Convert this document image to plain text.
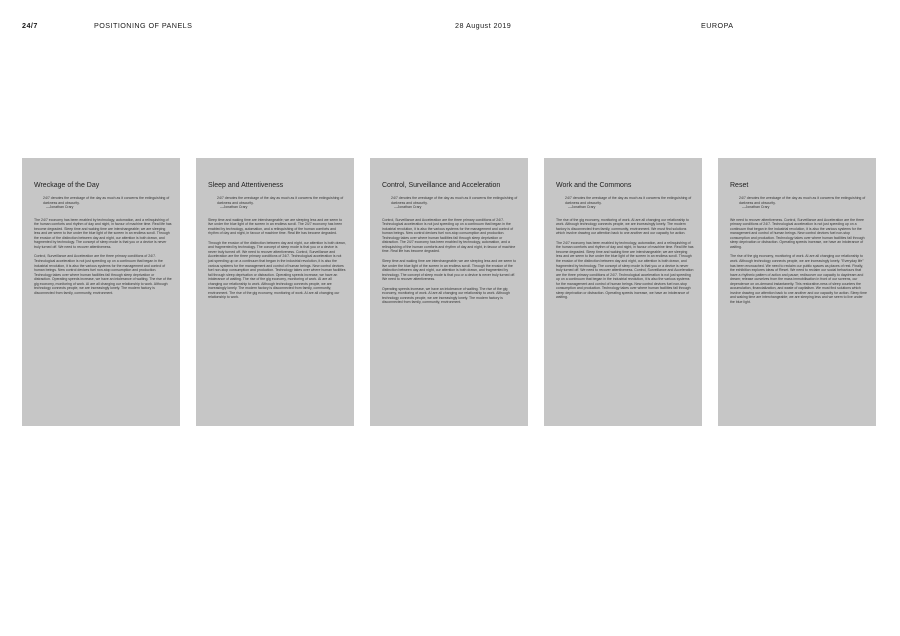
24/7	POSITIONING OF PANELS	28 August 2019	EUROPA
Wreckage of the Day
24/7 denotes the wreckage of the day as much as it concerns the extinguishing of darkness and obscurity.
—Jonathan Crary

The 24/7 economy has been enabled by technology, automation, and a relinquishing of the human comforts and rhythm of day and night, in favour of machine time. Real life has become degraded. Sleep time and waking time are interchangeable; we are sleeping less and we seem to live under the blue light of the screen in an endless scroll. Through the erosion of the distinction between day and night, our attention is both drawn, and fragmented by technology. The concept of sleep mode is that you or a device is never truly turned off. We need to recover attentiveness.

Control, Surveillance and Acceleration are the three primary conditions of 24/7. Technological acceleration is not just speeding up on a continuum that began in the industrial revolution, it is also the various systems for the management and control of human beings. New control devices fuel non-stop consumption and production. Technology takes over where human facilities fail through sleep deprivation or distraction. Operating speeds increase, we have an intolerance of waiting. The rise of the gig economy, monitoring of work. AI are all changing our relationship to work. Although technology connects people, we are increasingly lonely. The modern factory is disconnected from family, community, environment.

Sleep and Attentiveness
24/7 denotes the wreckage of the day as much as it concerns the extinguishing of darkness and obscurity.
—Jonathan Crary

Sleep time and waking time are interchangeable; we are sleeping less and we seem to live under the blue light of the screen in an endless scroll. The 24/7 economy has been enabled by technology, automation, and a relinquishing of the human comforts and rhythm of day and night, in favour of machine time. Real life has become degraded.

Through the erosion of the distinction between day and night, our attention is both drawn, and fragmented by technology. The concept of sleep mode is that you or a device is never truly turned off. We need to recover attentiveness. Control, Surveillance and Acceleration are the three primary conditions of 24/7. Technological acceleration is not just speeding up on a continuum that began in the industrial revolution, it is also the various systems for the management and control of human beings. New control devices fuel non-stop consumption and production. Technology takes over where human facilities fail through sleep deprivation or distraction. Operating speeds increase, we have an intolerance of waiting. The rise of the gig economy, monitoring of work. AI are all changing our relationship to work. Although technology connects people, we are increasingly lonely. The modern factory is disconnected from family, community, environment. The rise of the gig economy, monitoring of work. AI are all changing our relationship to work.

Control, Surveillance and Acceleration
24/7 denotes the wreckage of the day as much as it concerns the extinguishing of darkness and obscurity.
—Jonathan Crary

Control, Surveillance and Acceleration are the three primary conditions of 24/7. Technological acceleration is not just speeding up on a continuum that began in the industrial revolution, it is also the various systems for the management and control of human beings. New control devices fuel non-stop consumption and production. Technology takes over where human facilities fail through sleep deprivation or distraction. The 24/7 economy has been enabled by technology, automation, and a relinquishing of the human comforts and rhythm of day and night, in favour of machine time. Real life has become degraded.

Sleep time and waking time are interchangeable; we are sleeping less and we seem to live under the blue light of the screen in an endless scroll. Through the erosion of the distinction between day and night, our attention is both drawn, and fragmented by technology. The concept of sleep mode is that you or a device is never truly turned off. We need to recover attentiveness.

Operating speeds increase, we have an intolerance of waiting. The rise of the gig economy, monitoring of work. AI are all changing our relationship to work. Although technology connects people, we are increasingly lonely. The modern factory is disconnected from family, community, environment.

Work and the Commons
24/7 denotes the wreckage of the day as much as it concerns the extinguishing of darkness and obscurity.
—Jonathan Crary

The rise of the gig economy, monitoring of work. AI are all changing our relationship to work. Although technology connects people, we are increasingly lonely. The modern factory is disconnected from family, community, environment. We must find solutions which involve drawing our attention back to one another and our capacity for action.

The 24/7 economy has been enabled by technology, automation, and a relinquishing of the human comforts and rhythm of day and night, in favour of machine time. Real life has become degraded. Sleep time and waking time are interchangeable; we are sleeping less and we seem to live under the blue light of the screen in an endless scroll. Through the erosion of the distinction between day and night, our attention is both drawn, and fragmented by technology. The concept of sleep mode is that you or a device is never truly turned off. We need to recover attentiveness. Control, Surveillance and Acceleration are the three primary conditions of 24/7. Technological acceleration is not just speeding up on a continuum that began in the industrial revolution, it is also the various systems for the management and control of human beings. New control devices fuel non-stop consumption and production. Technology takes over where human facilities fail through sleep deprivation or distraction. Operating speeds increase, we have an intolerance of waiting.

Reset
24/7 denotes the wreckage of the day as much as it concerns the extinguishing of darkness and obscurity.
—Jonathan Crary

We need to recover attentiveness. Control, Surveillance and Acceleration are the three primary conditions of 24/7. Technological acceleration is not just speeding up on a continuum that began in the industrial revolution, it is also the various systems for the management and control of human beings. New control devices fuel non-stop consumption and production. Technology takes over where human facilities fail through sleep deprivation or distraction. Operating speeds increase, we have an intolerance of waiting.

The rise of the gig economy, monitoring of work. AI are all changing our relationship to work. Although technology connects people, we are increasingly lonely. "Everyday life" has been encroached. We need to reclaim our public spaces as places of rest. Finally, the exhibition explores ideas of Reset. We need to reclaim our social behaviours that have a rhythmic pattern of action and pause; rediscover our capacity to daydream and dream; release ourselves from the mass immobilisation in front of our screens, our dependence on on-demand instantaneity. This restorative-ness of sleep counters the accumulation, financialization, and waste of capitalism. We must find solutions which involve drawing our attention back to one another and our capacity for action. Sleep time and waking time are interchangeable; we are sleeping less and we seem to live under the blue light.
